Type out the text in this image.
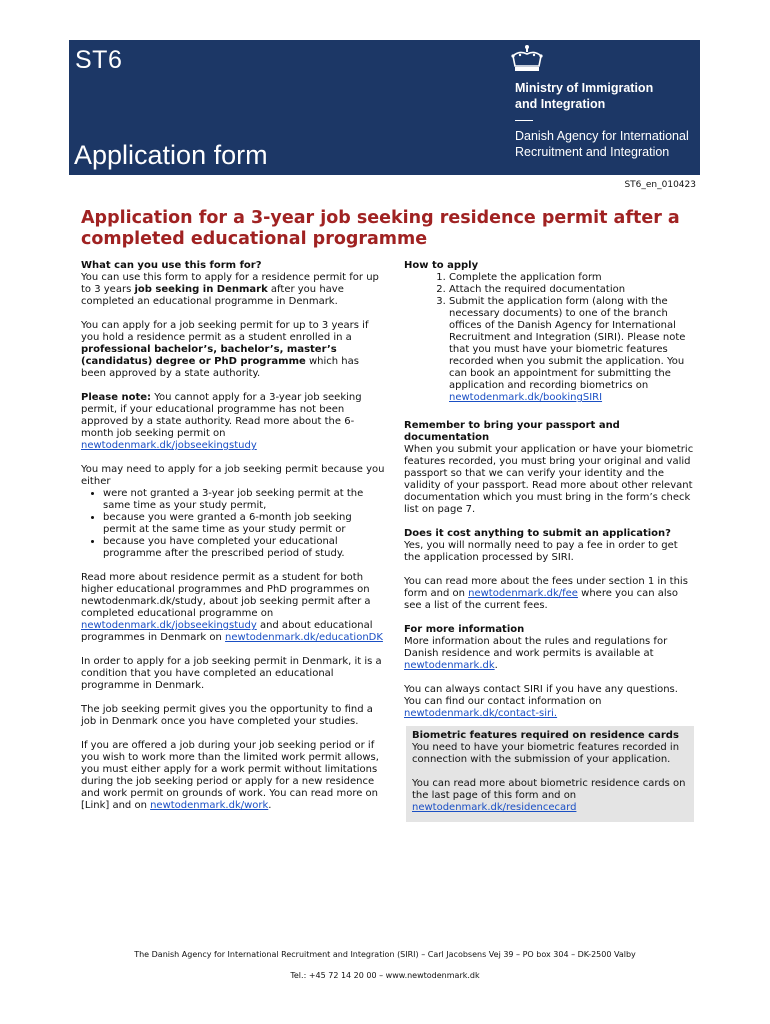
ST6
Application form
Ministry of Immigration
and Integration
Danish Agency for International
Recruitment and Integration
ST6_en_010423
Application for a 3-year job seeking residence permit after a completed educational programme

What can you use this form for?
You can use this form to apply for a residence permit for up to 3 years job seeking in Denmark after you have completed an educational programme in Denmark.

You can apply for a job seeking permit for up to 3 years if you hold a residence permit as a student enrolled in a professional bachelor’s, bachelor’s, master’s (candidatus) degree or PhD programme which has been approved by a state authority.

Please note: You cannot apply for a 3-year job seeking permit, if your educational programme has not been approved by a state authority. Read more about the 6-month job seeking permit on newtodenmark.dk/jobseekingstudy

You may need to apply for a job seeking permit because you either
• were not granted a 3-year job seeking permit at the same time as your study permit,
• because you were granted a 6-month job seeking permit at the same time as your study permit or
• because you have completed your educational programme after the prescribed period of study.

Read more about residence permit as a student for both higher educational programmes and PhD programmes on newtodenmark.dk/study, about job seeking permit after a completed educational programme on newtodenmark.dk/jobseekingstudy and about educational programmes in Denmark on newtodenmark.dk/educationDK

In order to apply for a job seeking permit in Denmark, it is a condition that you have completed an educational programme in Denmark.

The job seeking permit gives you the opportunity to find a job in Denmark once you have completed your studies.

If you are offered a job during your job seeking period or if you wish to work more than the limited work permit allows, you must either apply for a work permit without limitations during the job seeking period or apply for a new residence and work permit on grounds of work. You can read more on [Link] and on newtodenmark.dk/work.

How to apply
1. Complete the application form
2. Attach the required documentation
3. Submit the application form (along with the necessary documents) to one of the branch offices of the Danish Agency for International Recruitment and Integration (SIRI). Please note that you must have your biometric features recorded when you submit the application. You can book an appointment for submitting the application and recording biometrics on newtodenmark.dk/bookingSIRI

Remember to bring your passport and documentation
When you submit your application or have your biometric features recorded, you must bring your original and valid passport so that we can verify your identity and the validity of your passport. Read more about other relevant documentation which you must bring in the form’s check list on page 7.

Does it cost anything to submit an application?
Yes, you will normally need to pay a fee in order to get the application processed by SIRI.

You can read more about the fees under section 1 in this form and on newtodenmark.dk/fee where you can also see a list of the current fees.

For more information
More information about the rules and regulations for Danish residence and work permits is available at newtodenmark.dk.

You can always contact SIRI if you have any questions. You can find our contact information on newtodenmark.dk/contact-siri.

Biometric features required on residence cards

You need to have your biometric features recorded in connection with the submission of your application.

You can read more about biometric residence cards on the last page of this form and on newtodenmark.dk/residencecard

The Danish Agency for International Recruitment and Integration (SIRI) – Carl Jacobsens Vej 39 – PO box 304 – DK-2500 Valby
Tel.: +45 72 14 20 00 – www.newtodenmark.dk
